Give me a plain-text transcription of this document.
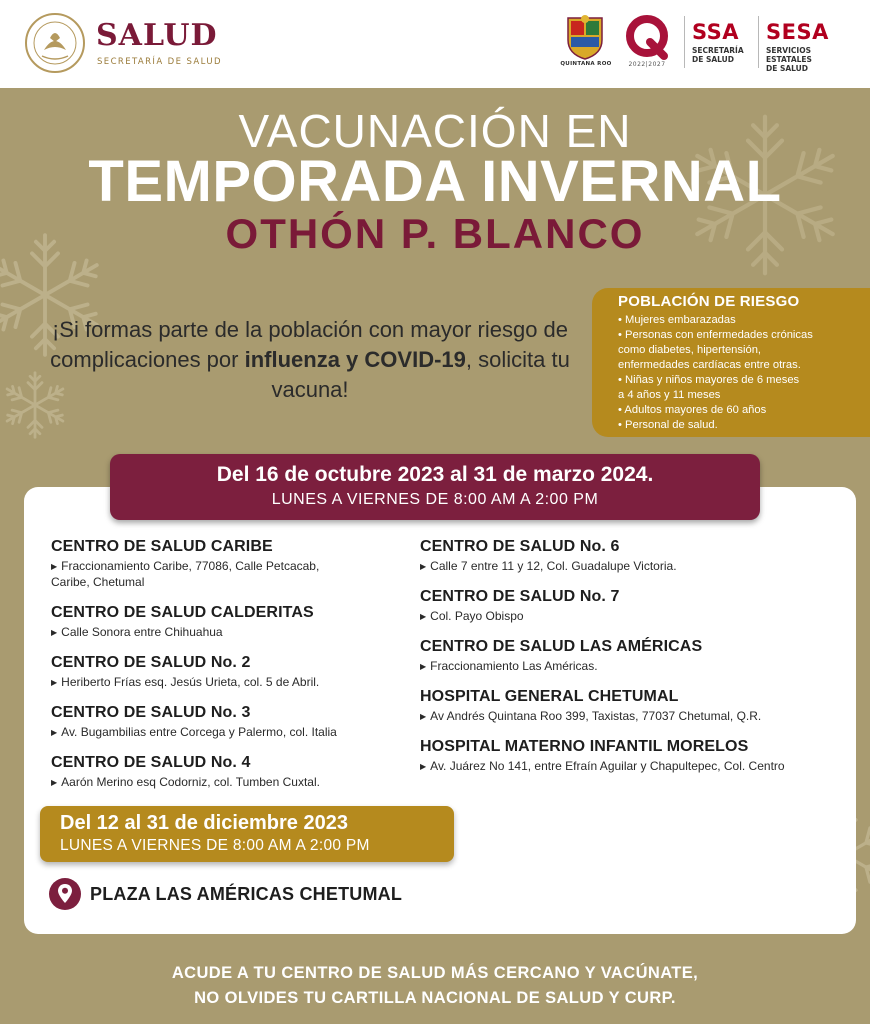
SALUD
SECRETARÍA DE SALUD	QUINTANA ROO	2022|2027
SSA
SECRETARÍA
DE SALUD
SESA
SERVICIOS ESTATALES
DE SALUD
VACUNACIÓN EN
TEMPORADA INVERNAL
OTHÓN P. BLANCO
¡Si formas parte de la población con mayor riesgo de complicaciones por influenza y COVID-19, solicita tu vacuna!
POBLACIÓN DE RIESGO
• Mujeres embarazadas
• Personas con enfermedades crónicas
como diabetes, hipertensión,
enfermedades cardíacas entre otras.
• Niñas y niños mayores de 6 meses
a 4 años y 11 meses
• Adultos mayores de 60 años
• Personal de salud.
Del 16 de octubre 2023 al 31 de marzo 2024.
LUNES A VIERNES DE 8:00 AM A 2:00 PM
CENTRO DE SALUD CARIBE
▶ Fraccionamiento Caribe, 77086, Calle Petcacab,
Caribe, Chetumal
CENTRO DE SALUD CALDERITAS
▶ Calle Sonora entre Chihuahua
CENTRO DE SALUD No. 2
▶ Heriberto Frías esq. Jesús Urieta, col. 5 de Abril.
CENTRO DE SALUD No. 3
▶ Av. Bugambilias entre Corcega y Palermo, col. Italia
CENTRO DE SALUD No. 4
▶ Aarón Merino esq Codorniz, col. Tumben Cuxtal.
CENTRO DE SALUD No. 6
▶ Calle 7 entre 11 y 12, Col. Guadalupe Victoria.
CENTRO DE SALUD No. 7
▶ Col. Payo Obispo
CENTRO DE SALUD LAS AMÉRICAS
▶ Fraccionamiento Las Américas.
HOSPITAL GENERAL CHETUMAL
▶ Av Andrés Quintana Roo 399, Taxistas, 77037 Chetumal, Q.R.
HOSPITAL MATERNO INFANTIL MORELOS
▶ Av. Juárez No 141, entre Efraín Aguilar y Chapultepec, Col. Centro
Del 12 al 31 de diciembre 2023
LUNES A VIERNES DE 8:00 AM A 2:00 PM
PLAZA LAS AMÉRICAS CHETUMAL
ACUDE A TU CENTRO DE SALUD MÁS CERCANO Y VACÚNATE,
NO OLVIDES TU CARTILLA NACIONAL DE SALUD Y CURP.
